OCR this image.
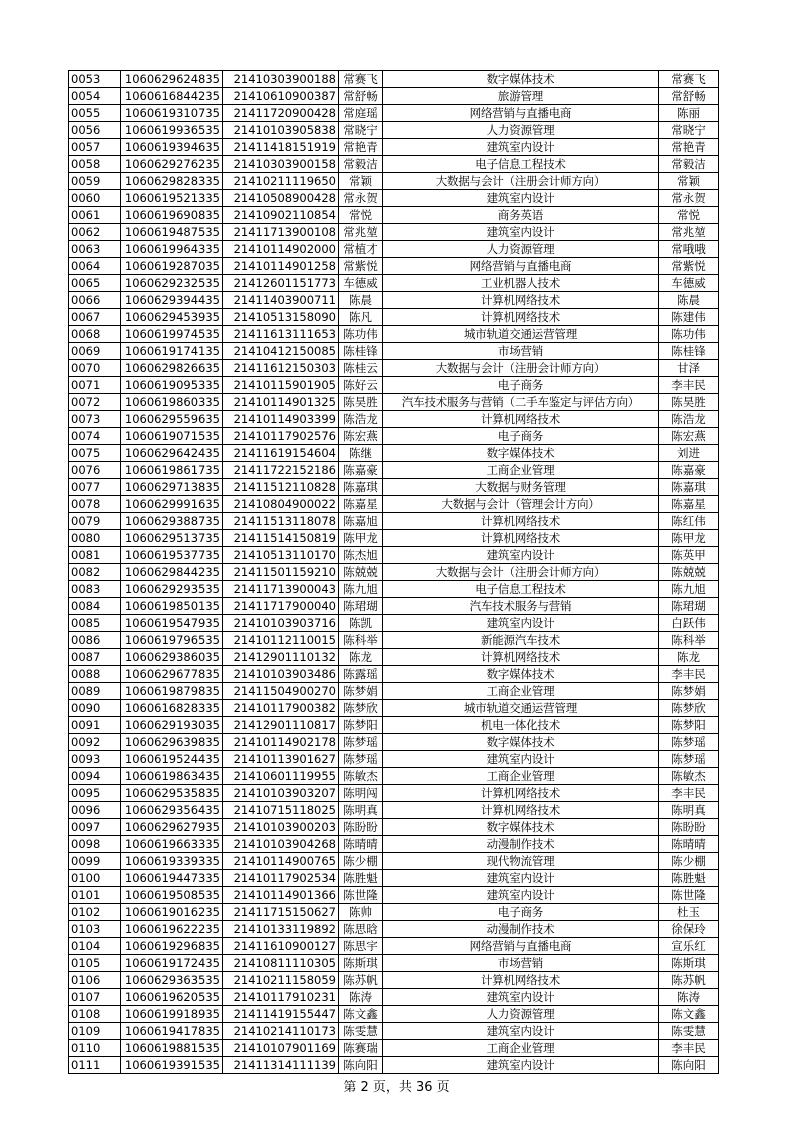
0053	1060629624835	21410303900188	常赛飞	数字媒体技术	常赛飞
0054	1060616844235	21410610900387	常舒畅	旅游管理	常舒畅
0055	1060619310735	21411720900428	常庭瑶	网络营销与直播电商	陈丽
0056	1060619936535	21410103905838	常晓宁	人力资源管理	常晓宁
0057	1060619394635	21411418151919	常艳青	建筑室内设计	常艳青
0058	1060629276235	21410303900158	常毅洁	电子信息工程技术	常毅洁
0059	1060629828335	21410211119650	常颖	大数据与会计（注册会计师方向）	常颖
0060	1060619521335	21410508900428	常永贺	建筑室内设计	常永贺
0061	1060619690835	21410902110854	常悦	商务英语	常悦
0062	1060619487535	21411713900108	常兆堃	建筑室内设计	常兆堃
0063	1060619964335	21410114902000	常植才	人力资源管理	常哦哦
0064	1060619287035	21410114901258	常紫悦	网络营销与直播电商	常紫悦
0065	1060629232535	21412601151773	车德威	工业机器人技术	车德威
0066	1060629394435	21411403900711	陈晨	计算机网络技术	陈晨
0067	1060629453935	21410513158090	陈凡	计算机网络技术	陈建伟
0068	1060619974535	21411613111653	陈功伟	城市轨道交通运营管理	陈功伟
0069	1060619174135	21410412150085	陈桂锋	市场营销	陈桂锋
0070	1060629826635	21411612150303	陈桂云	大数据与会计（注册会计师方向）	甘泽
0071	1060619095335	21410115901905	陈好云	电子商务	李丰民
0072	1060619860335	21410114901325	陈昊胜	汽车技术服务与营销（二手车鉴定与评估方向）	陈昊胜
0073	1060629559635	21410114903399	陈浩龙	计算机网络技术	陈浩龙
0074	1060619071535	21410117902576	陈宏燕	电子商务	陈宏燕
0075	1060629642435	21411619154604	陈继	数字媒体技术	刘进
0076	1060619861735	21411722152186	陈嘉豪	工商企业管理	陈嘉豪
0077	1060629713835	21411512110828	陈嘉琪	大数据与财务管理	陈嘉琪
0078	1060629991635	21410804900022	陈嘉星	大数据与会计（管理会计方向）	陈嘉星
0079	1060629388735	21411513118078	陈嘉旭	计算机网络技术	陈红伟
0080	1060629513735	21411514150819	陈甲龙	计算机网络技术	陈甲龙
0081	1060619537735	21410513110170	陈杰旭	建筑室内设计	陈英甲
0082	1060629844235	21411501159210	陈兢兢	大数据与会计（注册会计师方向）	陈兢兢
0083	1060629293535	21411713900043	陈九旭	电子信息工程技术	陈九旭
0084	1060619850135	21411717900040	陈珺瑚	汽车技术服务与营销	陈珺瑚
0085	1060619547935	21410103903716	陈凯	建筑室内设计	白跃伟
0086	1060619796535	21410112110015	陈科举	新能源汽车技术	陈科举
0087	1060629386035	21412901110132	陈龙	计算机网络技术	陈龙
0088	1060629677835	21410103903486	陈露瑶	数字媒体技术	李丰民
0089	1060619879835	21411504900270	陈梦娟	工商企业管理	陈梦娟
0090	1060616828335	21410117900382	陈梦欣	城市轨道交通运营管理	陈梦欣
0091	1060629193035	21412901110817	陈梦阳	机电一体化技术	陈梦阳
0092	1060629639835	21410114902178	陈梦瑶	数字媒体技术	陈梦瑶
0093	1060619524435	21410113901627	陈梦瑶	建筑室内设计	陈梦瑶
0094	1060619863435	21410601119955	陈敏杰	工商企业管理	陈敏杰
0095	1060629535835	21410103903207	陈明闯	计算机网络技术	李丰民
0096	1060629356435	21410715118025	陈明真	计算机网络技术	陈明真
0097	1060629627935	21410103900203	陈盼盼	数字媒体技术	陈盼盼
0098	1060619663335	21410103904268	陈晴晴	动漫制作技术	陈晴晴
0099	1060619339335	21410114900765	陈少棚	现代物流管理	陈少棚
0100	1060619447335	21410117902534	陈胜魁	建筑室内设计	陈胜魁
0101	1060619508535	21410114901366	陈世隆	建筑室内设计	陈世隆
0102	1060619016235	21411715150627	陈帅	电子商务	杜玉
0103	1060619622235	21410133119892	陈思晗	动漫制作技术	徐保玲
0104	1060619296835	21411610900127	陈思宇	网络营销与直播电商	宣乐红
0105	1060619172435	21410811110305	陈斯琪	市场营销	陈斯琪
0106	1060629363535	21410211158059	陈苏帆	计算机网络技术	陈苏帆
0107	1060619620535	21410117910231	陈涛	建筑室内设计	陈涛
0108	1060619918935	21411419155447	陈文鑫	人力资源管理	陈文鑫
0109	1060619417835	21410214110173	陈雯慧	建筑室内设计	陈雯慧
0110	1060619881535	21410107901169	陈赛瑞	工商企业管理	李丰民
0111	1060619391535	21411314111139	陈向阳	建筑室内设计	陈向阳
第 2 页，共 36 页
